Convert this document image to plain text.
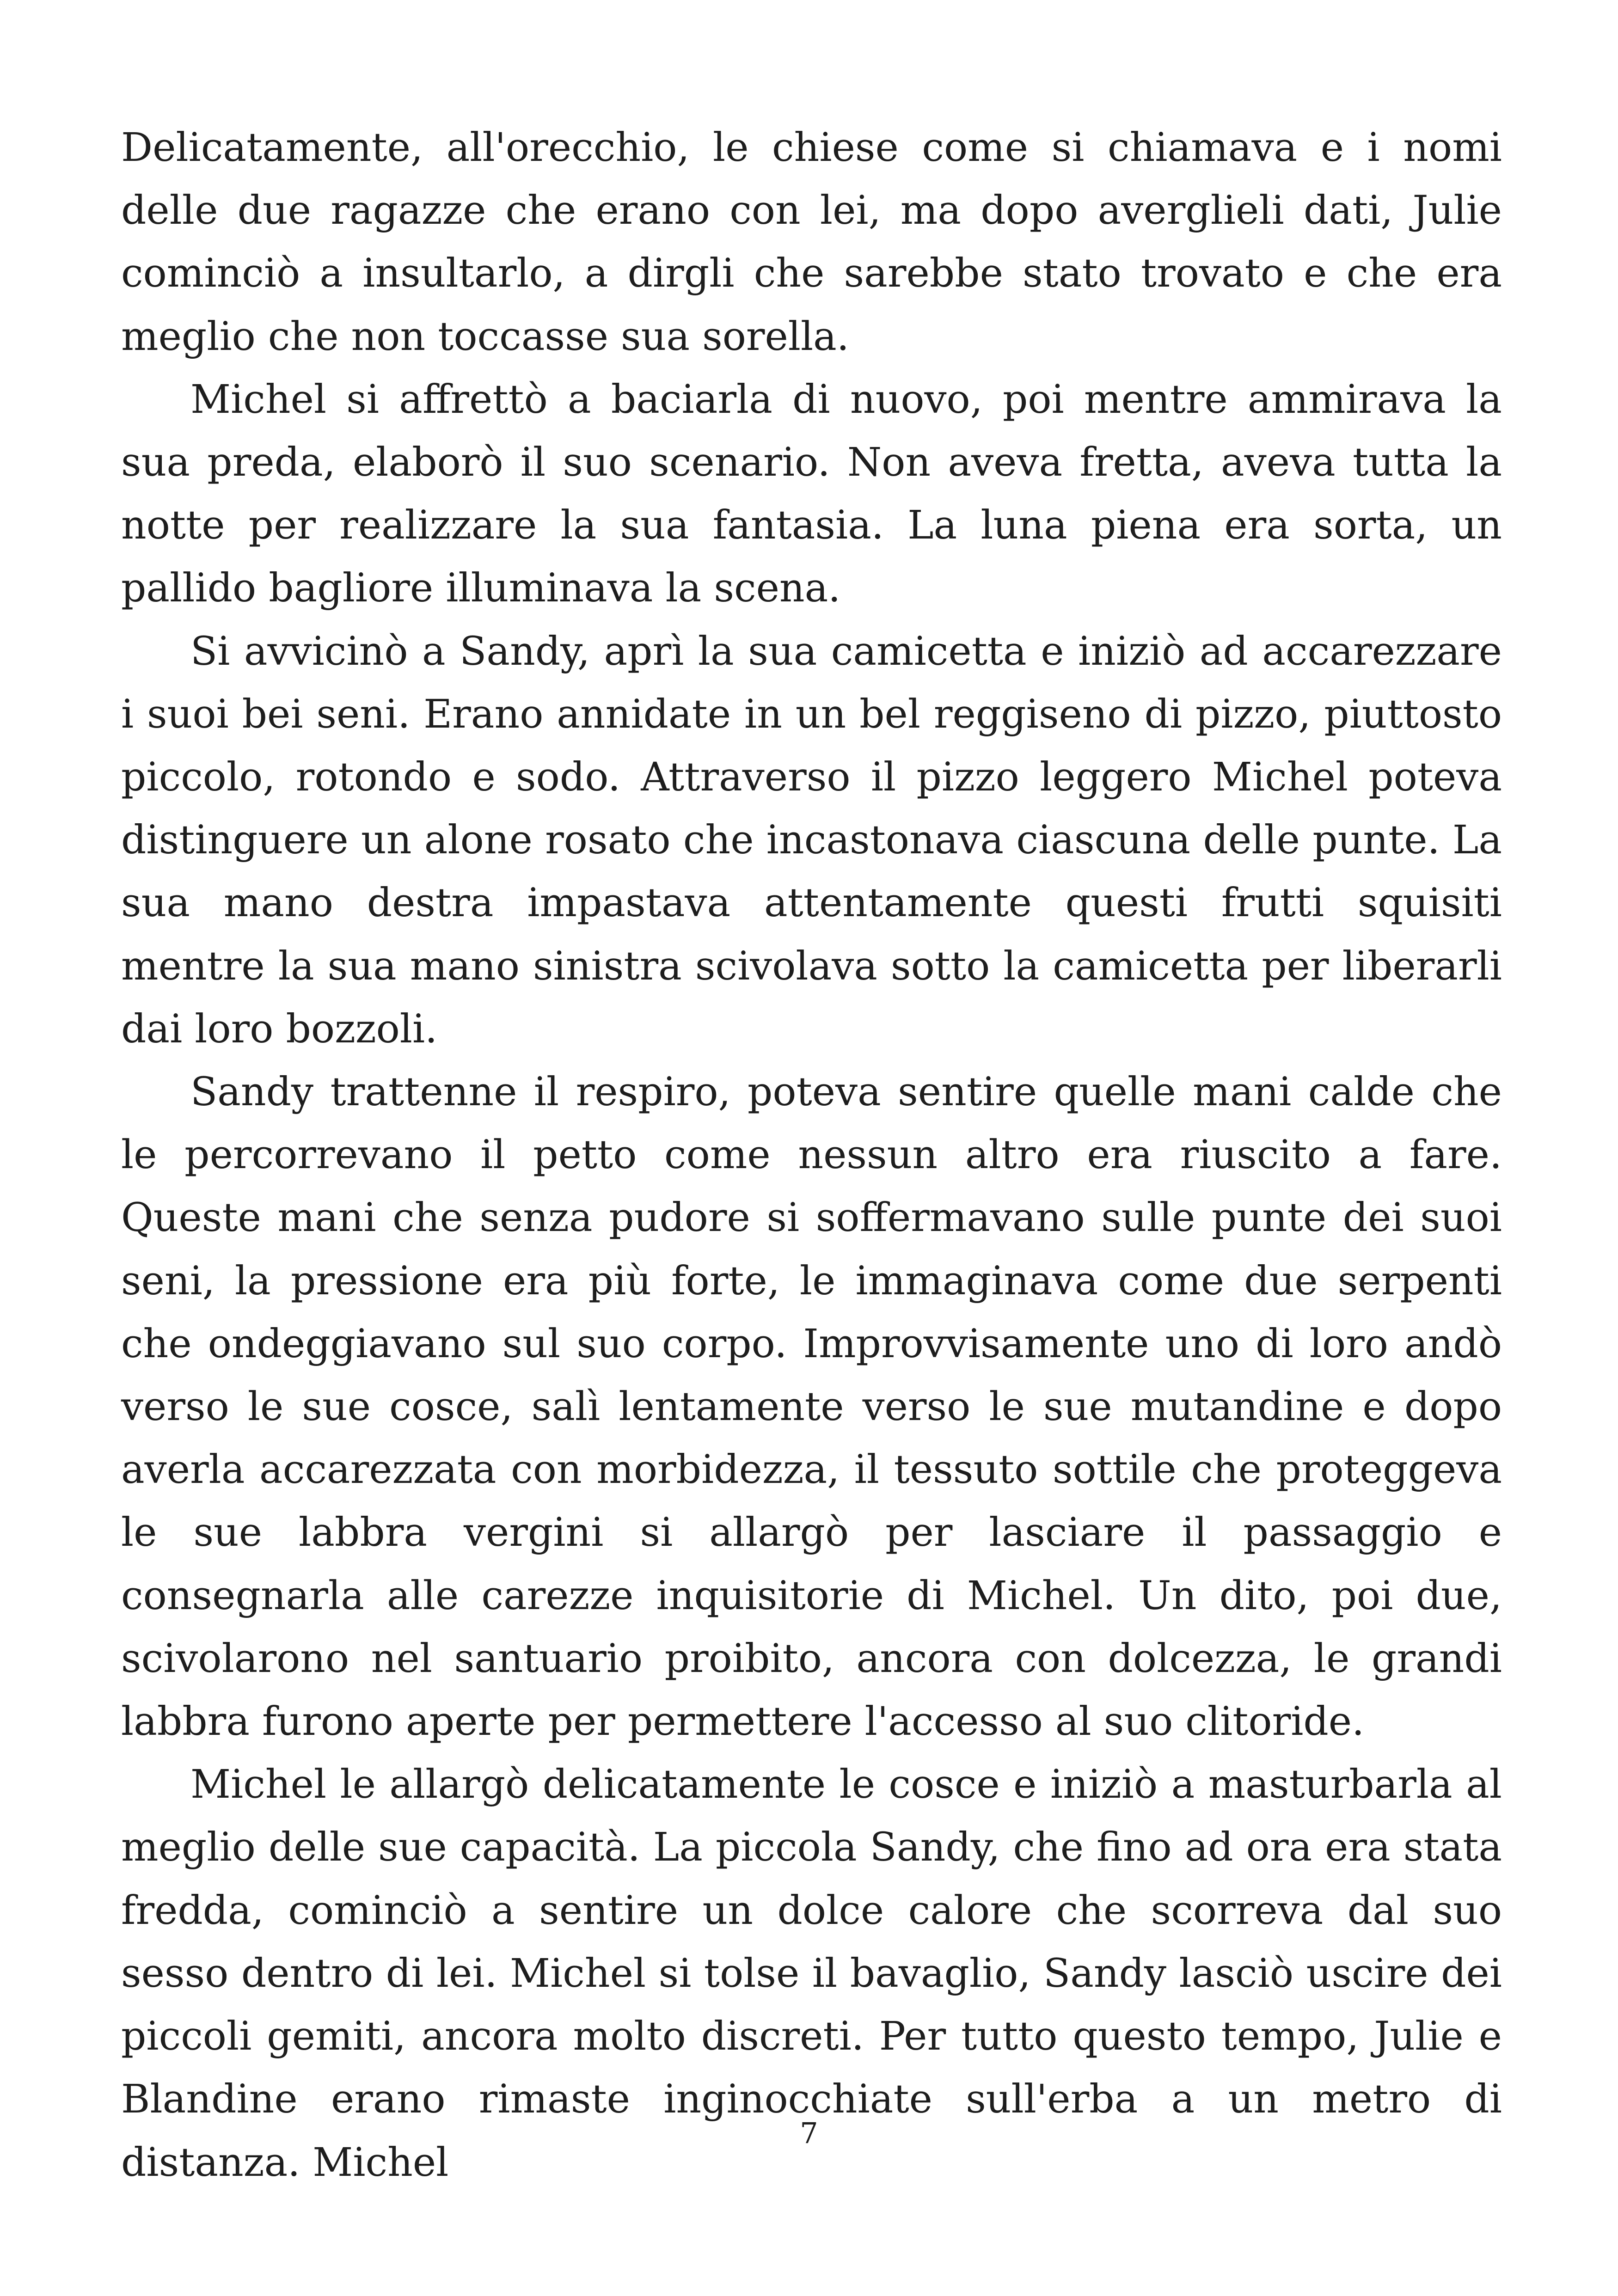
Delicatamente, all'orecchio, le chiese come si chiamava e i nomi delle due ragazze che erano con lei, ma dopo averglieli dati, Julie cominciò a insultarlo, a dirgli che sarebbe stato trovato e che era meglio che non toccasse sua sorella.

Michel si affrettò a baciarla di nuovo, poi mentre ammirava la sua preda, elaborò il suo scenario. Non aveva fretta, aveva tutta la notte per realizzare la sua fantasia. La luna piena era sorta, un pallido bagliore illuminava la scena.

Si avvicinò a Sandy, aprì la sua camicetta e iniziò ad accarezzare i suoi bei seni. Erano annidate in un bel reggiseno di pizzo, piuttosto piccolo, rotondo e sodo. Attraverso il pizzo leggero Michel poteva distinguere un alone rosato che incastonava ciascuna delle punte. La sua mano destra impastava attentamente questi frutti squisiti mentre la sua mano sinistra scivolava sotto la camicetta per liberarli dai loro bozzoli.

Sandy trattenne il respiro, poteva sentire quelle mani calde che le percorrevano il petto come nessun altro era riuscito a fare. Queste mani che senza pudore si soffermavano sulle punte dei suoi seni, la pressione era più forte, le immaginava come due serpenti che ondeggiavano sul suo corpo. Improvvisamente uno di loro andò verso le sue cosce, salì lentamente verso le sue mutandine e dopo averla accarezzata con morbidezza, il tessuto sottile che proteggeva le sue labbra vergini si allargò per lasciare il passaggio e consegnarla alle carezze inquisitorie di Michel. Un dito, poi due, scivolarono nel santuario proibito, ancora con dolcezza, le grandi labbra furono aperte per permettere l'accesso al suo clitoride.

Michel le allargò delicatamente le cosce e iniziò a masturbarla al meglio delle sue capacità. La piccola Sandy, che fino ad ora era stata fredda, cominciò a sentire un dolce calore che scorreva dal suo sesso dentro di lei. Michel si tolse il bavaglio, Sandy lasciò uscire dei piccoli gemiti, ancora molto discreti. Per tutto questo tempo, Julie e Blandine erano rimaste inginocchiate sull'erba a un metro di distanza. Michel

7
